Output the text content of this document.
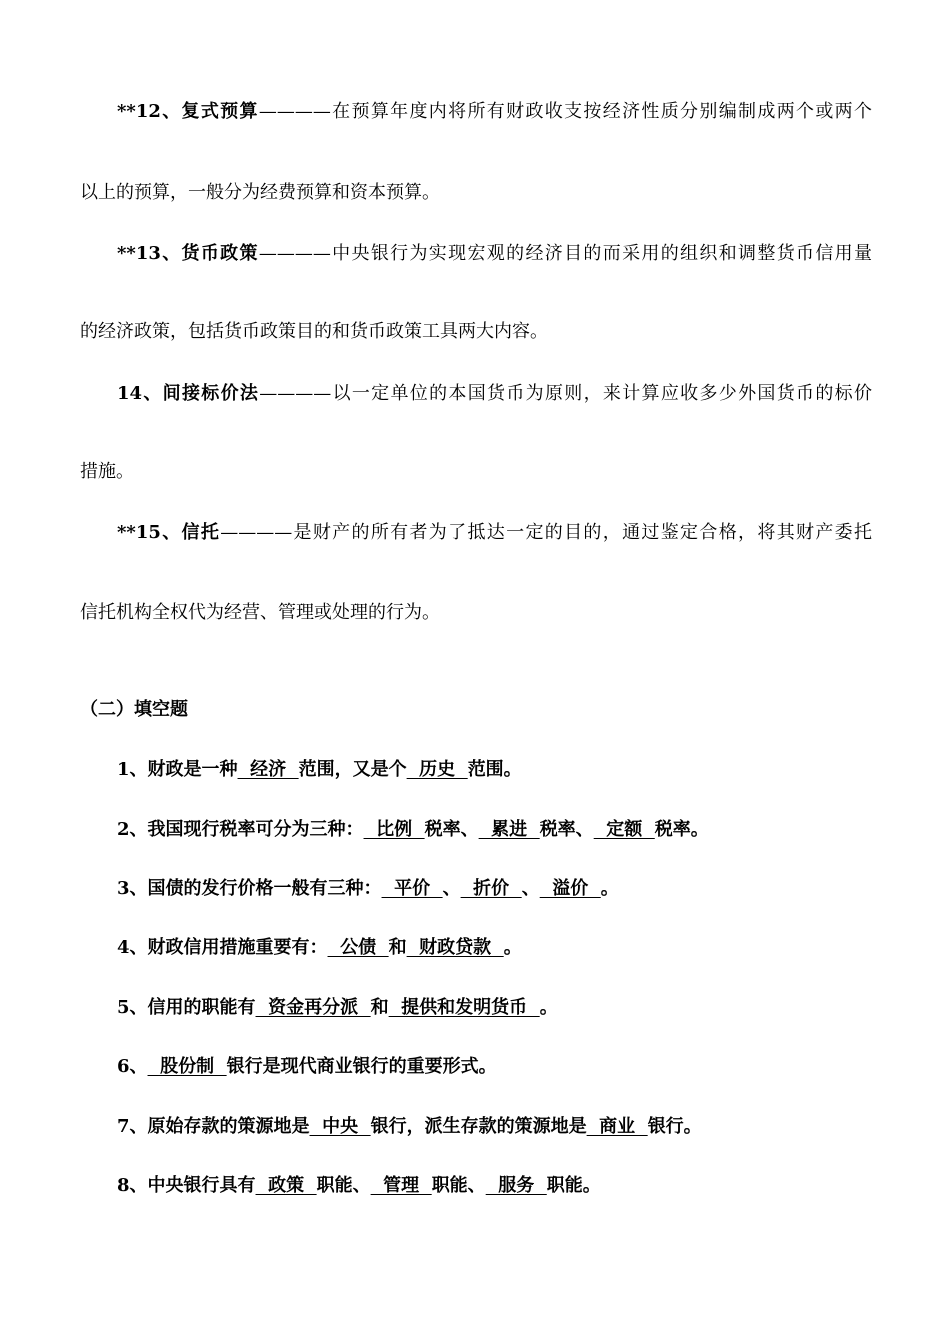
**12、复式预算————在预算年度内将所有财政收支按经济性质分别编制成两个或两个
以上的预算，一般分为经费预算和资本预算。
**13、货币政策————中央银行为实现宏观的经济目的而采用的组织和调整货币信用量
的经济政策，包括货币政策目的和货币政策工具两大内容。
14、间接标价法————以一定单位的本国货币为原则，来计算应收多少外国货币的标价
措施。
**15、信托————是财产的所有者为了抵达一定的目的，通过鉴定合格，将其财产委托
信托机构全权代为经营、管理或处理的行为。
（二）填空题
1、财政是一种  经济  范围，又是个  历史  范围。
2、我国现行税率可分为三种：  比例  税率、  累进  税率、  定额  税率。
3、国债的发行价格一般有三种：  平价  、  折价  、  溢价  。
4、财政信用措施重要有：  公债  和  财政贷款  。
5、信用的职能有  资金再分派  和  提供和发明货币  。
6、  股份制  银行是现代商业银行的重要形式。
7、原始存款的策源地是  中央  银行，派生存款的策源地是  商业  银行。
8、中央银行具有  政策  职能、  管理  职能、  服务  职能。
